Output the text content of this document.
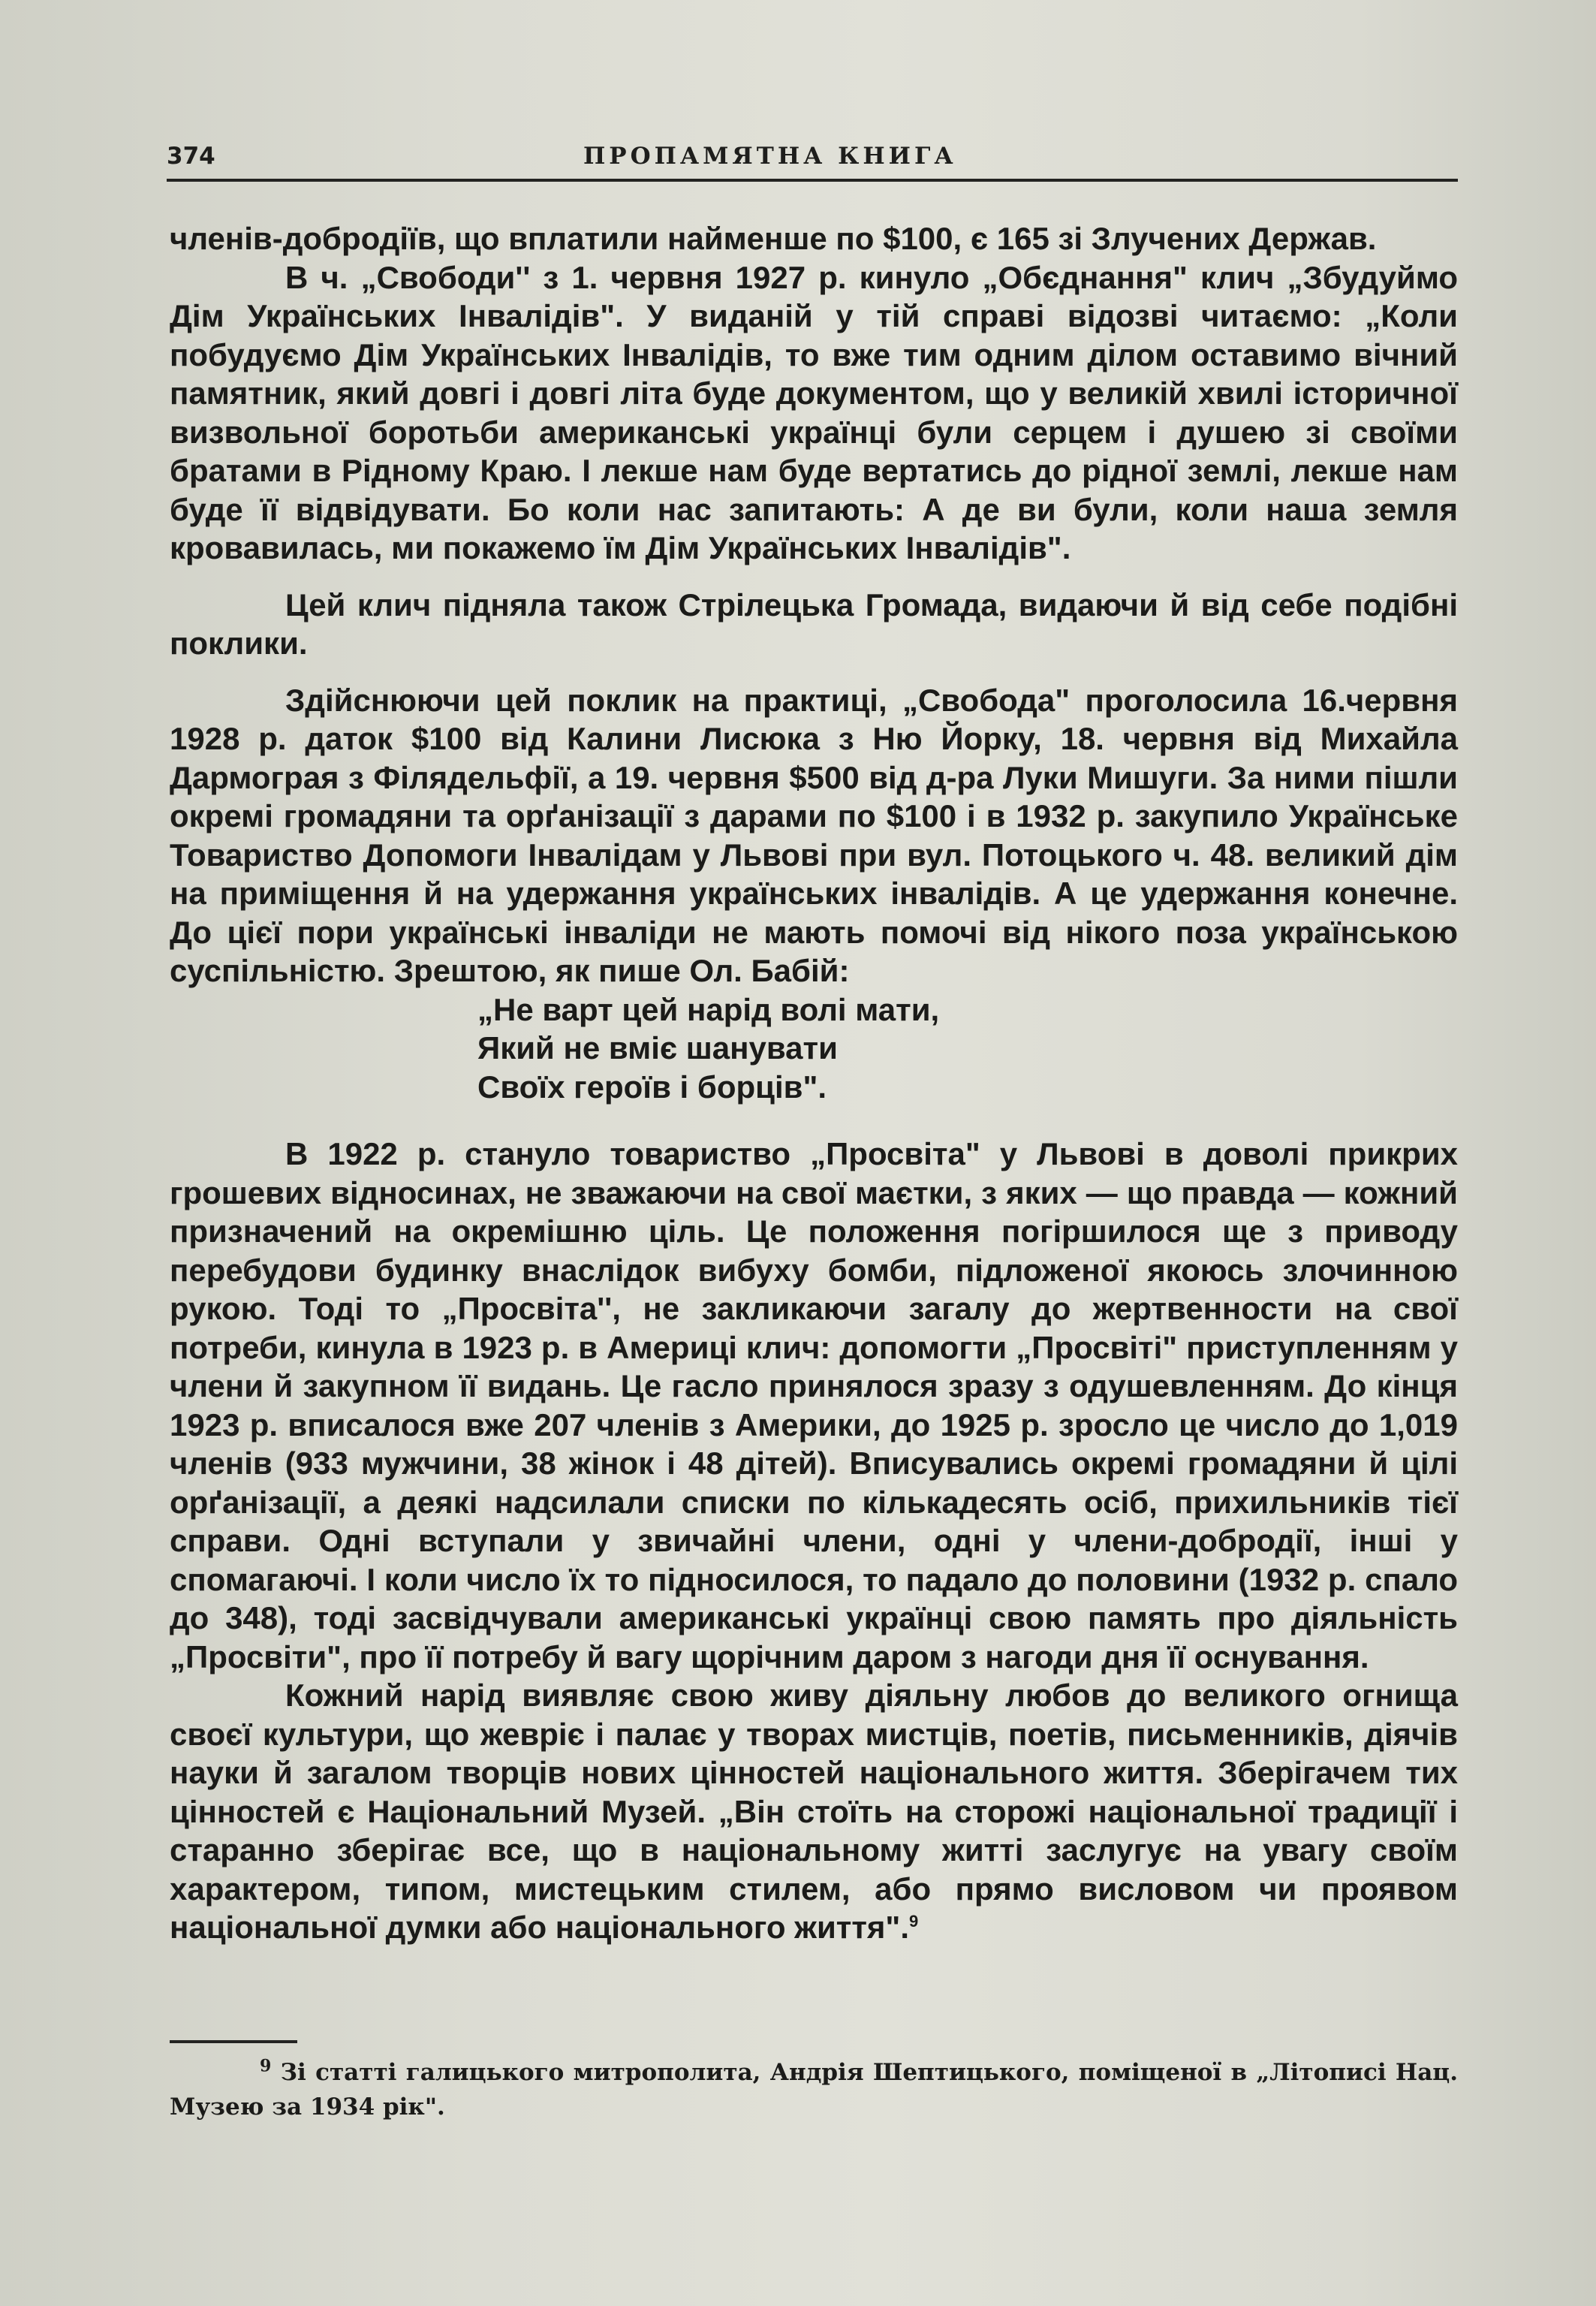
374	ПРОПАМЯТНА КНИГА

членів-добродіїв, що вплатили найменше по $100, є 165 зі Злучених Держав.

В ч. „Свободи'' з 1. червня 1927 р. кинуло „Обєднання" клич „Збудуймо Дім Українських Інвалідів". У виданій у тій справі відозві читаємо: „Коли побудуємо Дім Українських Інвалідів, то вже тим одним ділом оставимо вічний памятник, який довгі і довгі літа буде документом, що у великій хвилі історичної визвольної боротьби американські українці були серцем і душею зі своїми братами в Рідному Краю. І лекше нам буде вертатись до рідної землі, лекше нам буде її відвідувати. Бо коли нас запитають: А де ви були, коли наша земля кровавилась, ми покажемо їм Дім Українських Інвалідів".

Цей клич підняла також Стрілецька Громада, видаючи й від себе подібні поклики.

Здійснюючи цей поклик на практиці, „Свобода" проголосила 16.червня 1928 р. даток $100 від Калини Лисюка з Ню Йорку, 18. червня від Михайла Дармограя з Філядельфії, а 19. червня $500 від д-ра Луки Мишуги. За ними пішли окремі громадяни та орґанізації з дарами по $100 і в 1932 р. закупило Українське Товариство Допомоги Інвалідам у Львові при вул. Потоцького ч. 48. великий дім на приміщення й на удержання українських інвалідів. А це удержання конечне. До цієї пори українські інваліди не мають помочі від нікого поза українською суспільністю. Зрештою, як пише Ол. Бабій:

„Не варт цей нарід волі мати,
Який не вміє шанувати
Своїх героїв і борців".

В 1922 р. стануло товариство „Просвіта" у Львові в доволі прикрих грошевих відносинах, не зважаючи на свої маєтки, з яких — що правда — кожний призначений на окремішню ціль. Це положення погіршилося ще з приводу перебудови будинку внаслідок вибуху бомби, підложеної якоюсь злочинною рукою. Тоді то „Просвіта'', не закликаючи загалу до жертвенности на свої потреби, кинула в 1923 р. в Америці клич: допомогти „Просвіті" приступленням у члени й закупном її видань. Це гасло принялося зразу з одушевленням. До кінця 1923 р. вписалося вже 207 членів з Америки, до 1925 р. зросло це число до 1,019 членів (933 мужчини, 38 жінок і 48 дітей). Вписувались окремі громадяни й цілі орґанізації, а деякі надсилали списки по кількадесять осіб, прихильників тієї справи. Одні вступали у звичайні члени, одні у члени-добродії, інші у спомагаючі. І коли число їх то підносилося, то падало до половини (1932 р. спало до 348), тоді засвідчували американські українці свою память про діяльність „Просвіти", про її потребу й вагу щорічним даром з нагоди дня її оснування.

Кожний нарід виявляє свою живу діяльну любов до великого огнища своєї культури, що жевріє і палає у творах мистців, поетів, письменників, діячів науки й загалом творців нових цінностей національного життя. Зберігачем тих цінностей є Національний Музей. „Він стоїть на сторожі національної традиції і старанно зберігає все, що в національному житті заслугує на увагу своїм характером, типом, мистецьким стилем, або прямо висловом чи проявом національної думки або національного життя".$^9$

$^9$ Зі статті галицького митрополита, Андрія Шептицького, поміщеної в „Літописі Нац. Музею за 1934 рік".
